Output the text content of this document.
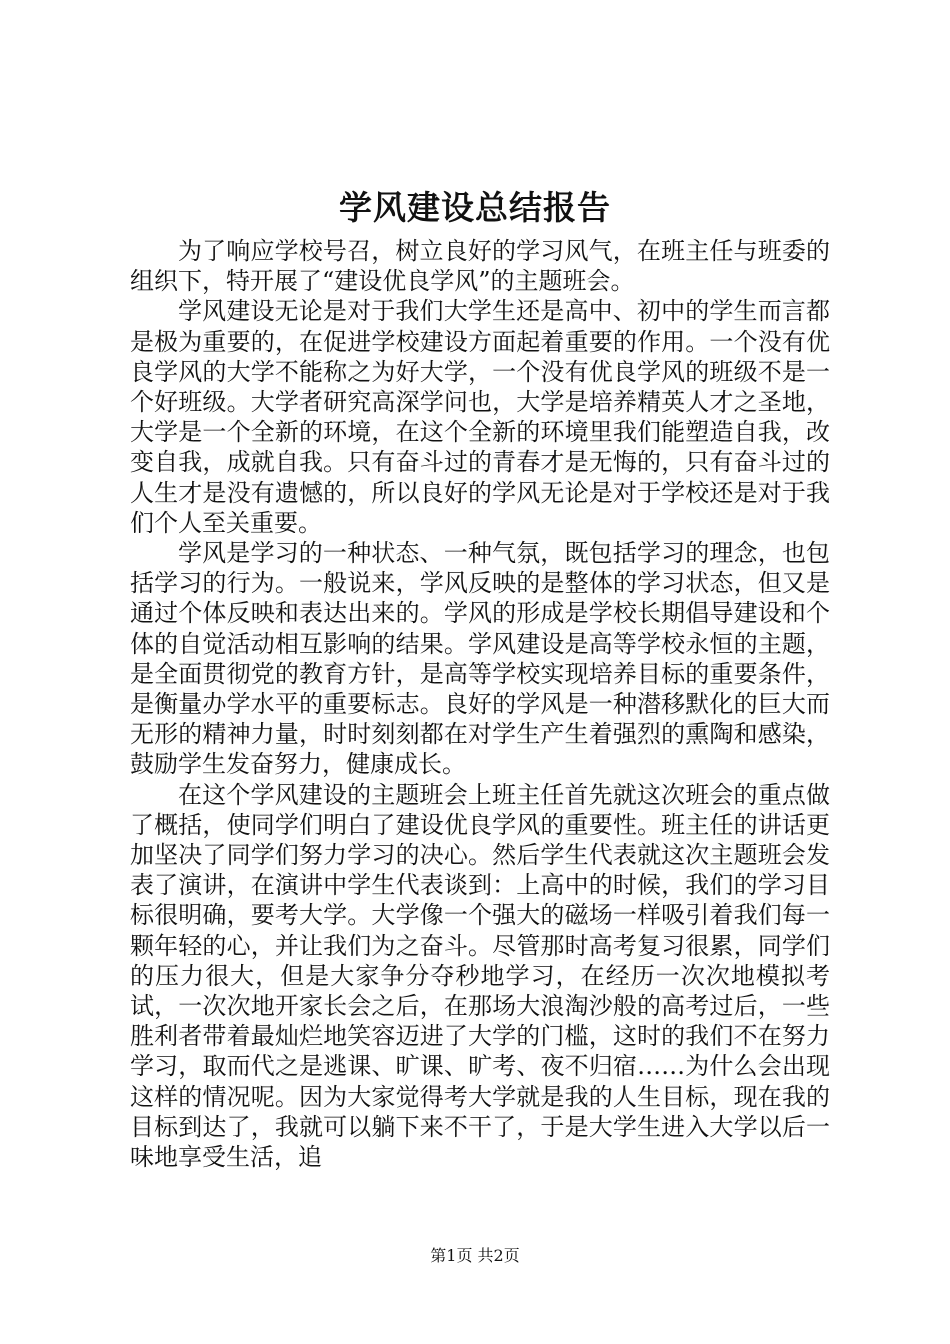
学风建设总结报告

为了响应学校号召，树立良好的学习风气，在班主任与班委的组织下，特开展了“建设优良学风”的主题班会。

学风建设无论是对于我们大学生还是高中、初中的学生而言都是极为重要的，在促进学校建设方面起着重要的作用。一个没有优良学风的大学不能称之为好大学，一个没有优良学风的班级不是一个好班级。大学者研究高深学问也，大学是培养精英人才之圣地，大学是一个全新的环境，在这个全新的环境里我们能塑造自我，改变自我，成就自我。只有奋斗过的青春才是无悔的，只有奋斗过的人生才是没有遗憾的，所以良好的学风无论是对于学校还是对于我们个人至关重要。

学风是学习的一种状态、一种气氛，既包括学习的理念，也包括学习的行为。一般说来，学风反映的是整体的学习状态，但又是通过个体反映和表达出来的。学风的形成是学校长期倡导建设和个体的自觉活动相互影响的结果。学风建设是高等学校永恒的主题，是全面贯彻党的教育方针，是高等学校实现培养目标的重要条件，是衡量办学水平的重要标志。良好的学风是一种潜移默化的巨大而无形的精神力量，时时刻刻都在对学生产生着强烈的熏陶和感染，鼓励学生发奋努力，健康成长。

在这个学风建设的主题班会上班主任首先就这次班会的重点做了概括，使同学们明白了建设优良学风的重要性。班主任的讲话更加坚决了同学们努力学习的决心。然后学生代表就这次主题班会发表了演讲，在演讲中学生代表谈到：上高中的时候，我们的学习目标很明确，要考大学。大学像一个强大的磁场一样吸引着我们每一颗年轻的心，并让我们为之奋斗。尽管那时高考复习很累，同学们的压力很大，但是大家争分夺秒地学习，在经历一次次地模拟考试，一次次地开家长会之后，在那场大浪淘沙般的高考过后，一些胜利者带着最灿烂地笑容迈进了大学的门槛，这时的我们不在努力学习，取而代之是逃课、旷课、旷考、夜不归宿……为什么会出现这样的情况呢。因为大家觉得考大学就是我的人生目标，现在我的目标到达了，我就可以躺下来不干了，于是大学生进入大学以后一味地享受生活，追

第1页 共2页
